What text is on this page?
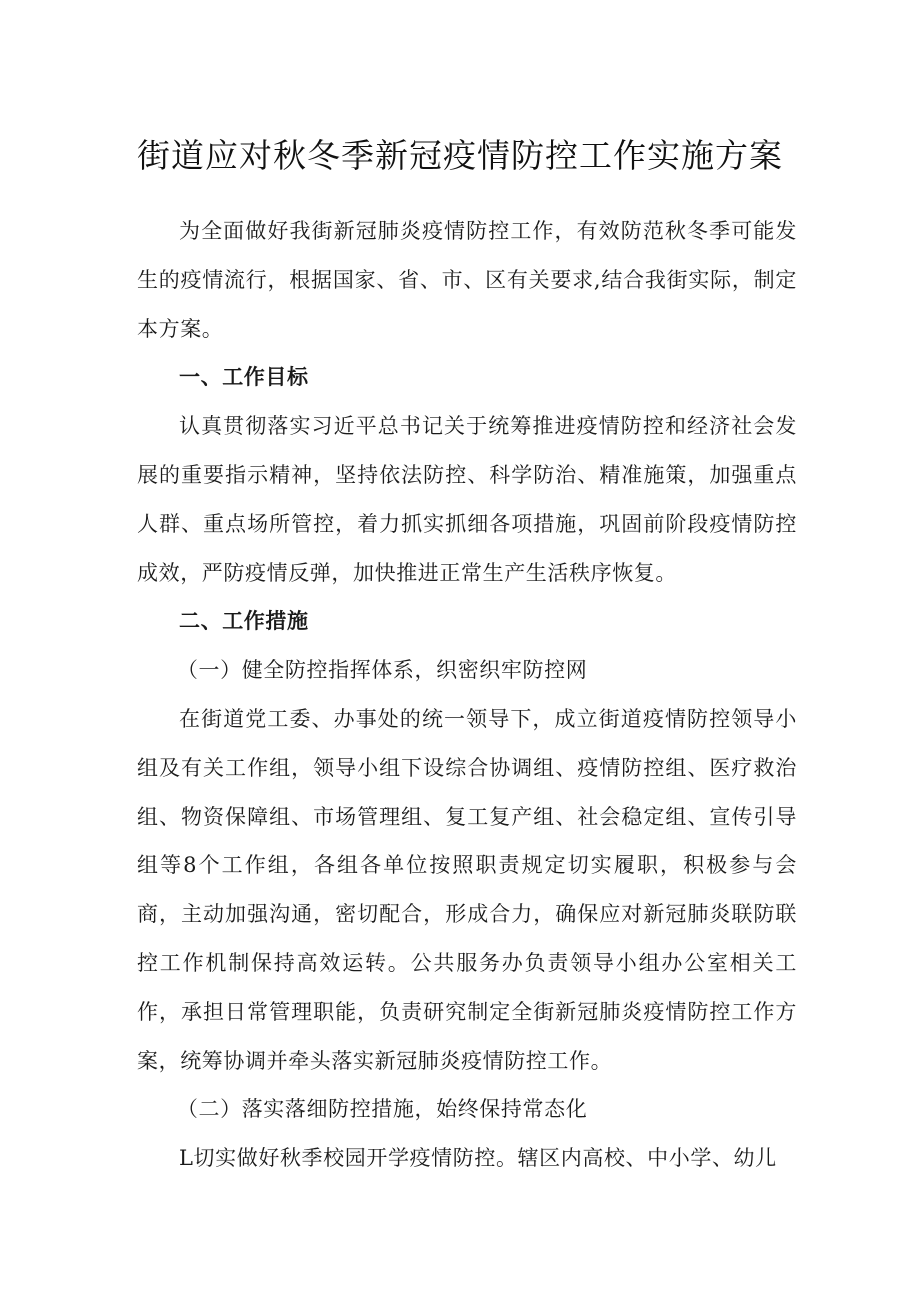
街道应对秋冬季新冠疫情防控工作实施方案

为全面做好我街新冠肺炎疫情防控工作，有效防范秋冬季可能发生的疫情流行，根据国家、省、市、区有关要求,结合我街实际，制定本方案。

一、工作目标

认真贯彻落实习近平总书记关于统筹推进疫情防控和经济社会发展的重要指示精神，坚持依法防控、科学防治、精准施策，加强重点人群、重点场所管控，着力抓实抓细各项措施，巩固前阶段疫情防控成效，严防疫情反弹，加快推进正常生产生活秩序恢复。

二、工作措施

（一）健全防控指挥体系，织密织牢防控网

在街道党工委、办事处的统一领导下，成立街道疫情防控领导小组及有关工作组，领导小组下设综合协调组、疫情防控组、医疗救治组、物资保障组、市场管理组、复工复产组、社会稳定组、宣传引导组等8个工作组，各组各单位按照职责规定切实履职，积极参与会商，主动加强沟通，密切配合，形成合力，确保应对新冠肺炎联防联控工作机制保持高效运转。公共服务办负责领导小组办公室相关工作，承担日常管理职能，负责研究制定全街新冠肺炎疫情防控工作方案，统筹协调并牵头落实新冠肺炎疫情防控工作。

（二）落实落细防控措施，始终保持常态化

L切实做好秋季校园开学疫情防控。辖区内高校、中小学、幼儿
